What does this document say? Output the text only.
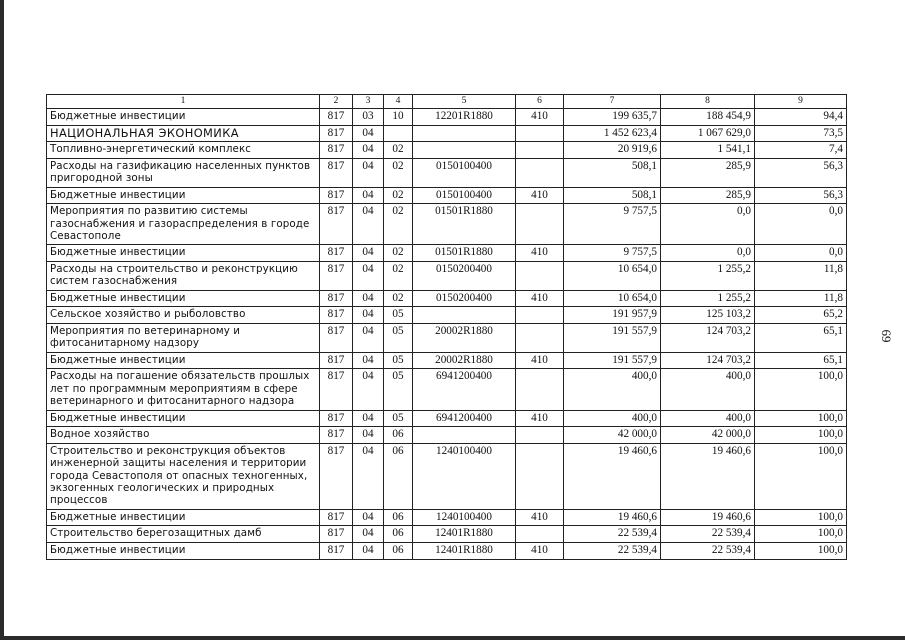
69
1	2	3	4	5	6	7	8	9
Бюджетные инвестиции	817	03	10	12201R1880	410	199 635,7	188 454,9	94,4
НАЦИОНАЛЬНАЯ ЭКОНОМИКА	817	04				1 452 623,4	1 067 629,0	73,5
Топливно-энергетический комплекс	817	04	02			20 919,6	1 541,1	7,4
Расходы на газификацию населенных пунктов пригородной зоны	817	04	02	0150100400		508,1	285,9	56,3
Бюджетные инвестиции	817	04	02	0150100400	410	508,1	285,9	56,3
Мероприятия по развитию системы газоснабжения и газораспределения в городе Севастополе	817	04	02	01501R1880		9 757,5	0,0	0,0
Бюджетные инвестиции	817	04	02	01501R1880	410	9 757,5	0,0	0,0
Расходы на строительство и реконструкцию систем газоснабжения	817	04	02	0150200400		10 654,0	1 255,2	11,8
Бюджетные инвестиции	817	04	02	0150200400	410	10 654,0	1 255,2	11,8
Сельское хозяйство и рыболовство	817	04	05			191 957,9	125 103,2	65,2
Мероприятия по ветеринарному и фитосанитарному надзору	817	04	05	20002R1880		191 557,9	124 703,2	65,1
Бюджетные инвестиции	817	04	05	20002R1880	410	191 557,9	124 703,2	65,1
Расходы на погашение обязательств прошлых лет по программным мероприятиям в сфере ветеринарного и фитосанитарного надзора	817	04	05	6941200400		400,0	400,0	100,0
Бюджетные инвестиции	817	04	05	6941200400	410	400,0	400,0	100,0
Водное хозяйство	817	04	06			42 000,0	42 000,0	100,0
Строительство и реконструкция объектов инженерной защиты населения и территории города Севастополя от опасных техногенных, экзогенных геологических и природных процессов	817	04	06	1240100400		19 460,6	19 460,6	100,0
Бюджетные инвестиции	817	04	06	1240100400	410	19 460,6	19 460,6	100,0
Строительство берегозащитных дамб	817	04	06	12401R1880		22 539,4	22 539,4	100,0
Бюджетные инвестиции	817	04	06	12401R1880	410	22 539,4	22 539,4	100,0
